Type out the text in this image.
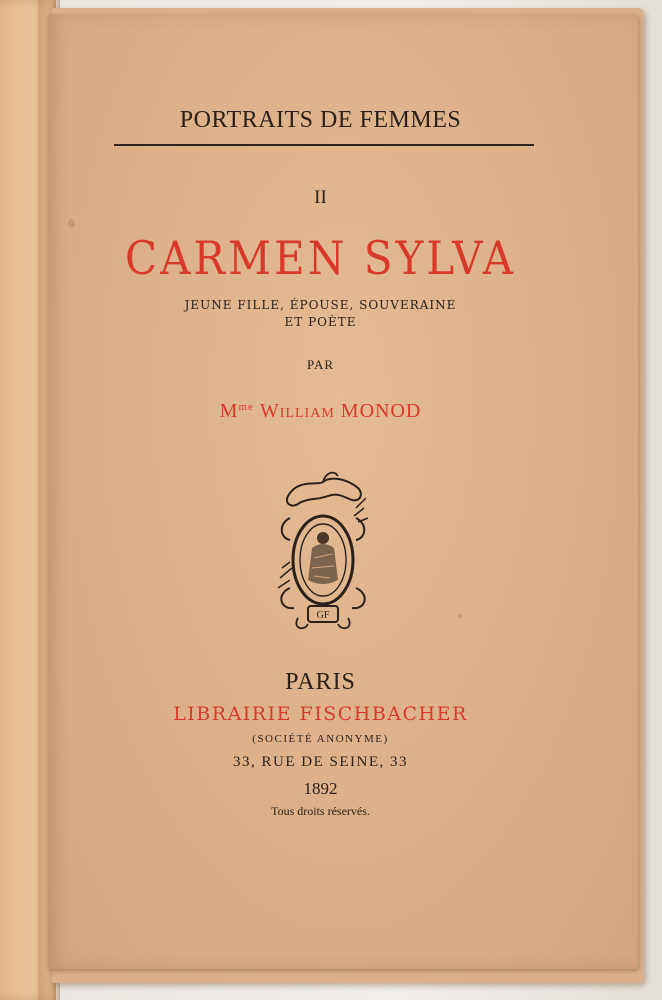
PORTRAITS DE FEMMES
II
CARMEN SYLVA
JEUNE FILLE, ÉPOUSE, SOUVERAINE
ET POÈTE
PAR
$M^{me}$ WILLIAM MONOD
GF
PARIS
LIBRAIRIE FISCHBACHER
(SOCIÉTÉ ANONYME)
33, RUE DE SEINE, 33
1892
Tous droits réservés.
